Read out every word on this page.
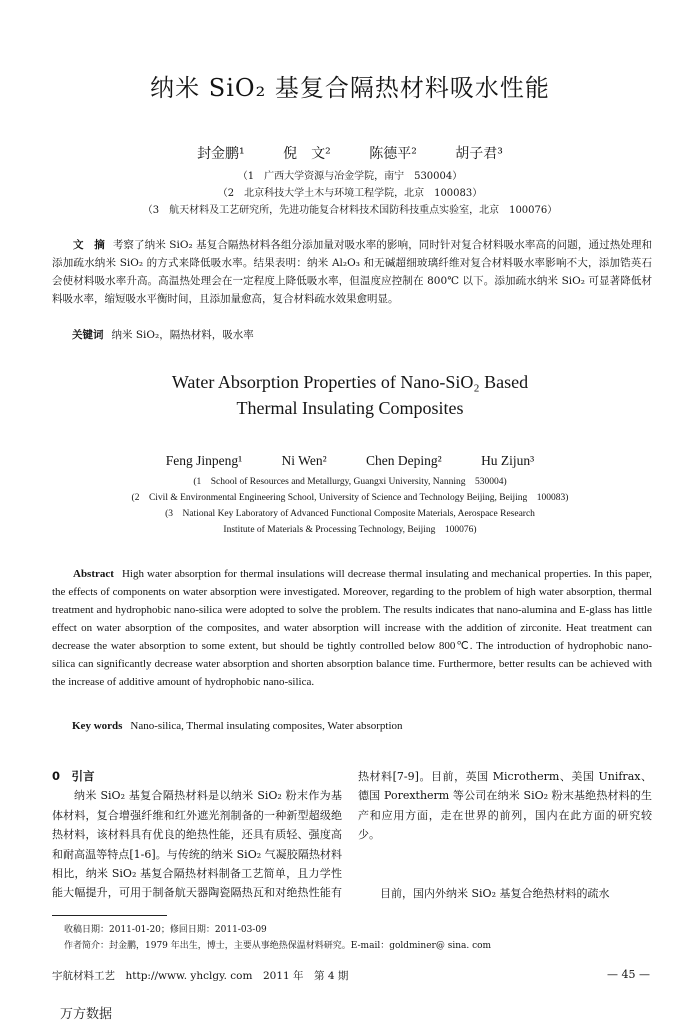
纳米 SiO₂ 基复合隔热材料吸水性能
封金鹏¹	倪　文²	陈德平²	胡子君³
（1　广西大学资源与冶金学院，南宁　530004）
（2　北京科技大学土木与环境工程学院，北京　100083）
（3　航天材料及工艺研究所，先进功能复合材料技术国防科技重点实验室，北京　100076）
文　摘 考察了纳米 SiO₂ 基复合隔热材料各组分添加量对吸水率的影响，同时针对复合材料吸水率高的问题，通过热处理和添加疏水纳米 SiO₂ 的方式来降低吸水率。结果表明：纳米 Al₂O₃ 和无碱超细玻璃纤维对复合材料吸水率影响不大，添加锆英石会使材料吸水率升高。高温热处理会在一定程度上降低吸水率，但温度应控制在 800℃ 以下。添加疏水纳米 SiO₂ 可显著降低材料吸水率，缩短吸水平衡时间，且添加量愈高，复合材料疏水效果愈明显。
关键词 纳米 SiO₂，隔热材料，吸水率
Water Absorption Properties of Nano-SiO₂ Based
Thermal Insulating Composites
Feng Jinpeng¹	Ni Wen²	Chen Deping²	Hu Zijun³
(1　School of Resources and Metallurgy, Guangxi University, Nanning　530004)
(2　Civil & Environmental Engineering School, University of Science and Technology Beijing, Beijing　100083)
(3　National Key Laboratory of Advanced Functional Composite Materials, Aerospace Research
Institute of Materials & Processing Technology, Beijing　100076)
Abstract High water absorption for thermal insulations will decrease thermal insulating and mechanical properties. In this paper, the effects of components on water absorption were investigated. Moreover, regarding to the problem of high water absorption, thermal treatment and hydrophobic nano-silica were adopted to solve the problem. The results indicates that nano-alumina and E-glass has little effect on water absorption of the composites, and water absorption will increase with the addition of zirconite. Heat treatment can decrease the water absorption to some extent, but should be tightly controlled below 800℃. The introduction of hydrophobic nano-silica can significantly decrease water absorption and shorten absorption balance time. Furthermore, better results can be achieved with the increase of additive amount of hydrophobic nano-silica.
Key words Nano-silica, Thermal insulating composites, Water absorption
0　引言
纳米 SiO₂ 基复合隔热材料是以纳米 SiO₂ 粉末作为基体材料，复合增强纤维和红外遮光剂制备的一种新型超级绝热材料，该材料具有优良的绝热性能，还具有质轻、强度高和耐高温等特点[1-6]。与传统的纳米 SiO₂ 气凝胶隔热材料相比，纳米 SiO₂ 基复合隔热材料制备工艺简单，且力学性能大幅提升，可用于制备航天器陶瓷隔热瓦和对绝热性能有
热材料[7-9]。目前，英国 Microtherm、美国 Unifrax、德国 Porextherm 等公司在纳米 SiO₂ 粉末基绝热材料的生产和应用方面，走在世界的前列，国内在此方面的研究较少。
目前，国内外纳米 SiO₂ 基复合绝热材料的疏水
收稿日期：2011-01-20；修回日期：2011-03-09
作者简介：封金鹏，1979 年出生，博士，主要从事绝热保温材料研究。E-mail：goldminer@ sina. com
宇航材料工艺　http://www. yhclgy. com　2011 年　第 4 期	— 45 —
万方数据
